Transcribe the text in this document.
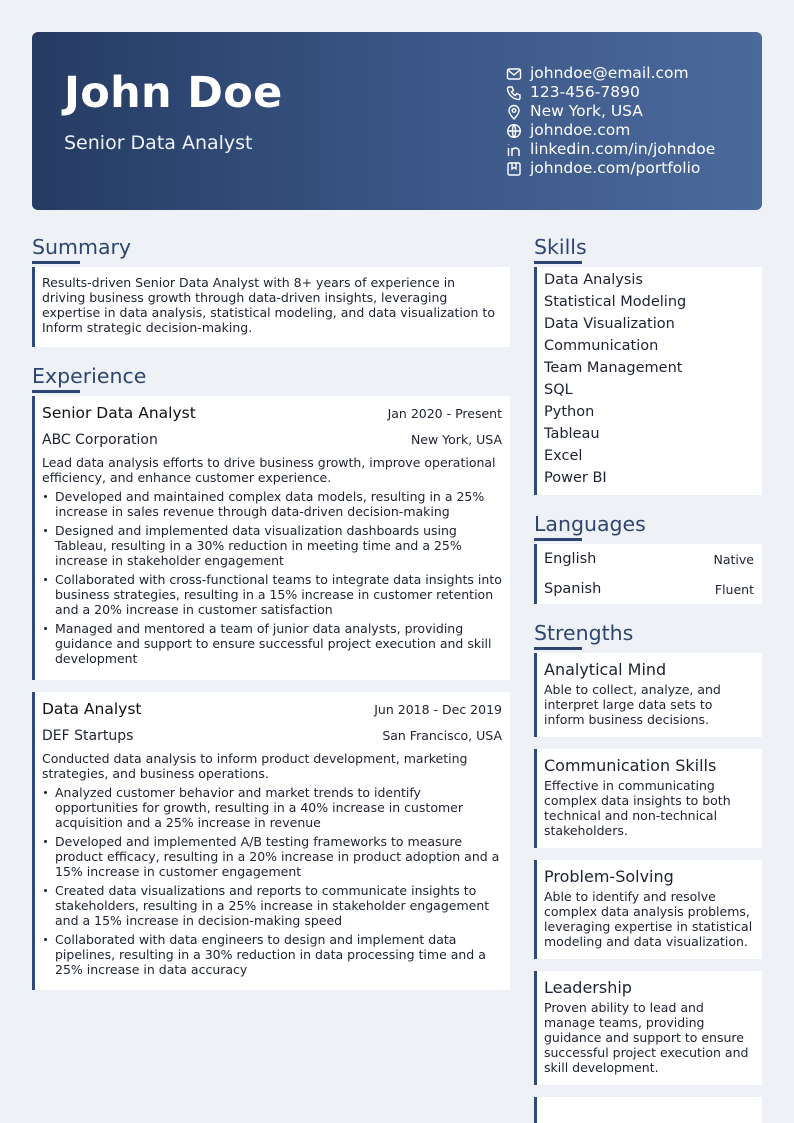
John Doe
Senior Data Analyst
johndoe@email.com
123-456-7890
New York, USA
johndoe.com
linkedin.com/in/johndoe
johndoe.com/portfolio
Summary
Results-driven Senior Data Analyst with 8+ years of experience in driving business growth through data-driven insights, leveraging expertise in data analysis, statistical modeling, and data visualization to Inform strategic decision-making.
Experience
Senior Data Analyst	Jan 2020 - Present
ABC Corporation	New York, USA
Lead data analysis efforts to drive business growth, improve operational efficiency, and enhance customer experience.
Developed and maintained complex data models, resulting in a 25% increase in sales revenue through data-driven decision-making
Designed and implemented data visualization dashboards using Tableau, resulting in a 30% reduction in meeting time and a 25% increase in stakeholder engagement
Collaborated with cross-functional teams to integrate data insights into business strategies, resulting in a 15% increase in customer retention and a 20% increase in customer satisfaction
Managed and mentored a team of junior data analysts, providing guidance and support to ensure successful project execution and skill development
Data Analyst	Jun 2018 - Dec 2019
DEF Startups	San Francisco, USA
Conducted data analysis to inform product development, marketing strategies, and business operations.
Analyzed customer behavior and market trends to identify opportunities for growth, resulting in a 40% increase in customer acquisition and a 25% increase in revenue
Developed and implemented A/B testing frameworks to measure product efficacy, resulting in a 20% increase in product adoption and a 15% increase in customer engagement
Created data visualizations and reports to communicate insights to stakeholders, resulting in a 25% increase in stakeholder engagement and a 15% increase in decision-making speed
Collaborated with data engineers to design and implement data pipelines, resulting in a 30% reduction in data processing time and a 25% increase in data accuracy
Skills
Data Analysis
Statistical Modeling
Data Visualization
Communication
Team Management
SQL
Python
Tableau
Excel
Power BI
Languages
English	Native
Spanish	Fluent
Strengths
Analytical Mind
Able to collect, analyze, and interpret large data sets to inform business decisions.
Communication Skills
Effective in communicating complex data insights to both technical and non-technical stakeholders.
Problem-Solving
Able to identify and resolve complex data analysis problems, leveraging expertise in statistical modeling and data visualization.
Leadership
Proven ability to lead and manage teams, providing guidance and support to ensure successful project execution and skill development.
